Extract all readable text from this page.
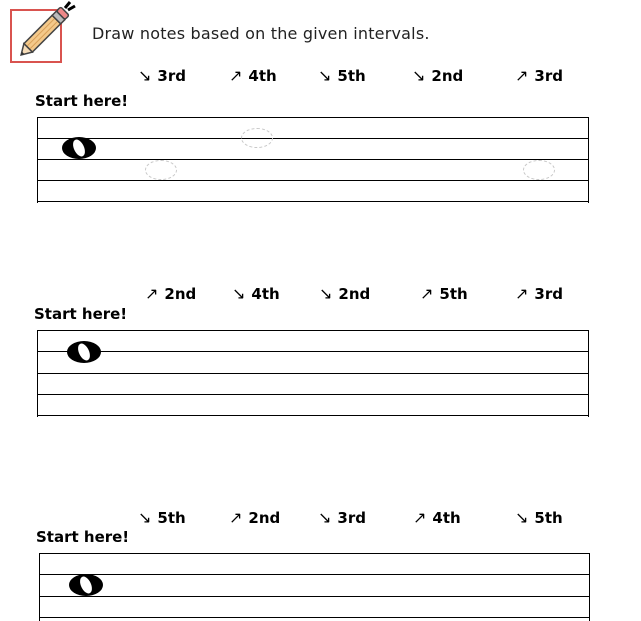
Draw notes based on the given intervals.
↘ 3rd	↗ 4th	↘ 5th	↘ 2nd	↗ 3rd
Start here!
↗ 2nd ↘ 4th ↘ 2nd	↗ 5th	↗ 3rd
Start here!
↘ 5th	↗ 2nd ↘ 3rd	↗ 4th	↘ 5th
Start here!
